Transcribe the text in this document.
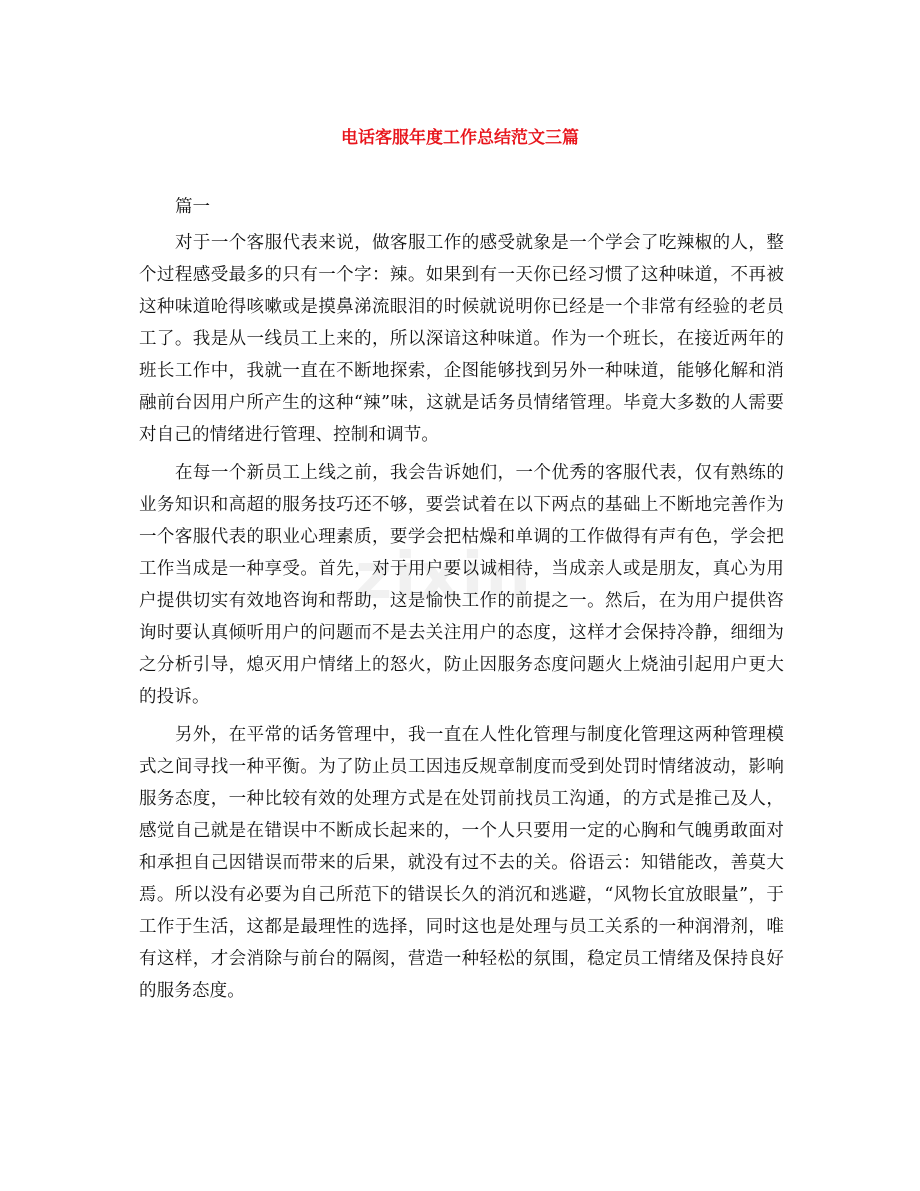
zixin
电话客服年度工作总结范文三篇
篇一

对于一个客服代表来说，做客服工作的感受就象是一个学会了吃辣椒的人，整个过程感受最多的只有一个字：辣。如果到有一天你已经习惯了这种味道，不再被这种味道呛得咳嗽或是摸鼻涕流眼泪的时候就说明你已经是一个非常有经验的老员工了。我是从一线员工上来的，所以深谙这种味道。作为一个班长，在接近两年的班长工作中，我就一直在不断地探索，企图能够找到另外一种味道，能够化解和消融前台因用户所产生的这种“辣”味，这就是话务员情绪管理。毕竟大多数的人需要对自己的情绪进行管理、控制和调节。

在每一个新员工上线之前，我会告诉她们，一个优秀的客服代表，仅有熟练的业务知识和高超的服务技巧还不够，要尝试着在以下两点的基础上不断地完善作为一个客服代表的职业心理素质，要学会把枯燥和单调的工作做得有声有色，学会把工作当成是一种享受。首先，对于用户要以诚相待，当成亲人或是朋友，真心为用户提供切实有效地咨询和帮助，这是愉快工作的前提之一。然后，在为用户提供咨询时要认真倾听用户的问题而不是去关注用户的态度，这样才会保持冷静，细细为之分析引导，熄灭用户情绪上的怒火，防止因服务态度问题火上烧油引起用户更大的投诉。

另外，在平常的话务管理中，我一直在人性化管理与制度化管理这两种管理模式之间寻找一种平衡。为了防止员工因违反规章制度而受到处罚时情绪波动，影响服务态度，一种比较有效的处理方式是在处罚前找员工沟通，的方式是推己及人，感觉自己就是在错误中不断成长起来的，一个人只要用一定的心胸和气魄勇敢面对和承担自己因错误而带来的后果，就没有过不去的关。俗语云：知错能改，善莫大焉。所以没有必要为自己所范下的错误长久的消沉和逃避，“风物长宜放眼量”，于工作于生活，这都是最理性的选择，同时这也是处理与员工关系的一种润滑剂，唯有这样，才会消除与前台的隔阂，营造一种轻松的氛围，稳定员工情绪及保持良好的服务态度。
